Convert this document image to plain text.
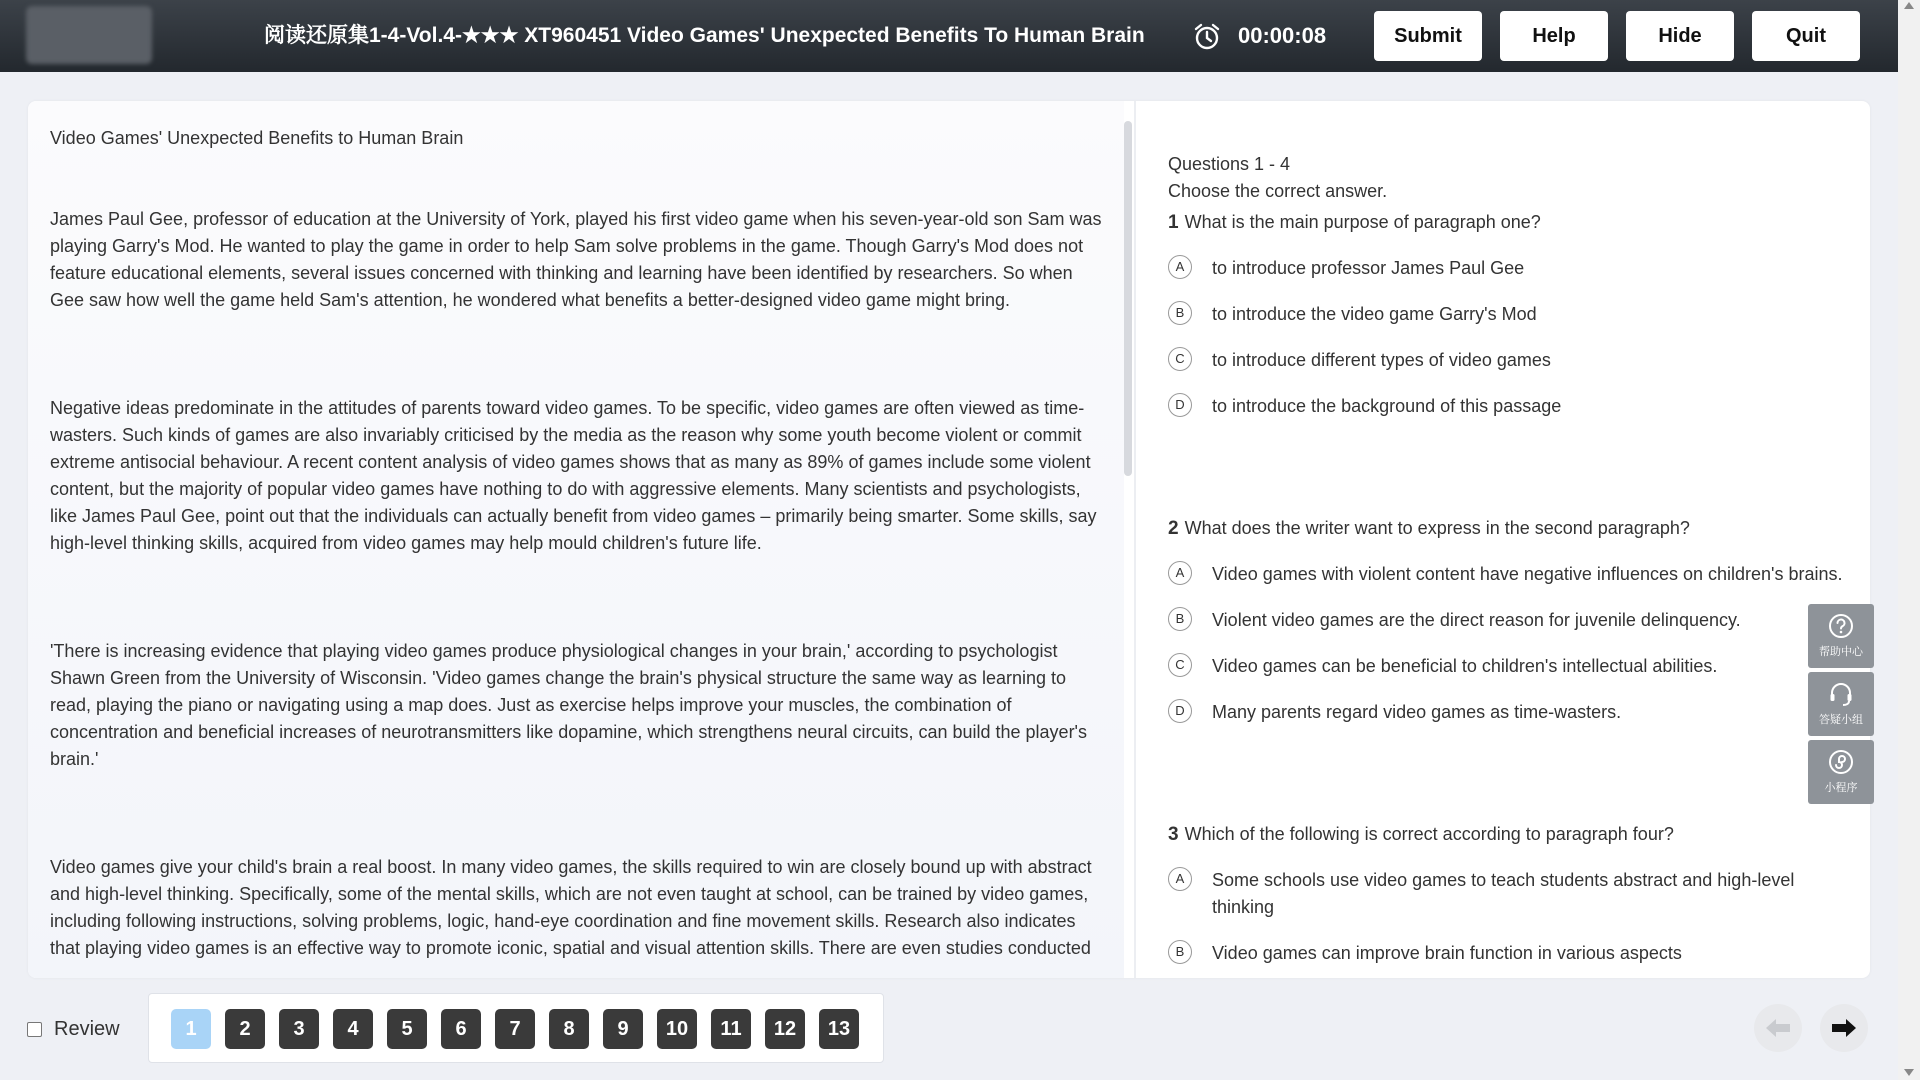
阅读还原集1-4-Vol.4-★★★ XT960451 Video Games' Unexpected Benefits To Human Brain	00:00:08	Submit	Help	Hide	Quit
Video Games' Unexpected Benefits to Human Brain

James Paul Gee, professor of education at the University of York, played his first video game when his seven-year-old son Sam was playing Garry's Mod. He wanted to play the game in order to help Sam solve problems in the game. Though Garry's Mod does not feature educational elements, several issues concerned with thinking and learning have been identified by researchers. So when Gee saw how well the game held Sam's attention, he wondered what benefits a better-designed video game might bring.

Negative ideas predominate in the attitudes of parents toward video games. To be specific, video games are often viewed as time-wasters. Such kinds of games are also invariably criticised by the media as the reason why some youth become violent or commit extreme antisocial behaviour. A recent content analysis of video games shows that as many as 89% of games include some violent content, but the majority of popular video games have nothing to do with aggressive elements. Many scientists and psychologists, like James Paul Gee, point out that the individuals can actually benefit from video games – primarily being smarter. Some skills, say high-level thinking skills, acquired from video games may help mould children's future life.

'There is increasing evidence that playing video games produce physiological changes in your brain,' according to psychologist Shawn Green from the University of Wisconsin. 'Video games change the brain's physical structure the same way as learning to read, playing the piano or navigating using a map does. Just as exercise helps improve your muscles, the combination of concentration and beneficial increases of neurotransmitters like dopamine, which strengthens neural circuits, can build the player's brain.'

Video games give your child's brain a real boost. In many video games, the skills required to win are closely bound up with abstract and high-level thinking. Specifically, some of the mental skills, which are not even taught at school, can be trained by video games, including following instructions, solving problems, logic, hand-eye coordination and fine movement skills. Research also indicates that playing video games is an effective way to promote iconic, spatial and visual attention skills. There are even studies conducted

Questions 1 - 4
Choose the correct answer.
1 What is the main purpose of paragraph one?
A	to introduce professor James Paul Gee
B	to introduce the video game Garry's Mod
C	to introduce different types of video games
D	to introduce the background of this passage
2 What does the writer want to express in the second paragraph?
A	Video games with violent content have negative influences on children's brains.
B	Violent video games are the direct reason for juvenile delinquency.
C	Video games can be beneficial to children's intellectual abilities.
D	Many parents regard video games as time-wasters.
3 Which of the following is correct according to paragraph four?
A	Some schools use video games to teach students abstract and high-level thinking
B	Video games can improve brain function in various aspects
帮助中心
答疑小组
小程序
Review	1	2	3	4	5	6	7	8	9	10	11	12	13
